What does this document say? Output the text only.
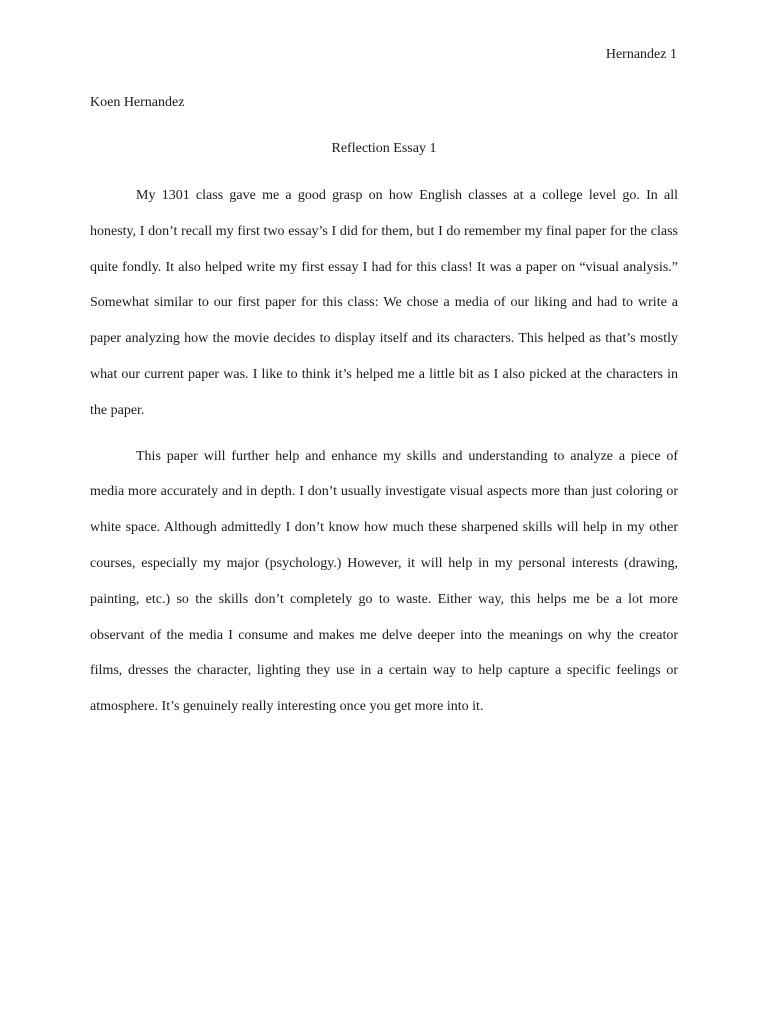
Hernandez 1
Koen Hernandez
Reflection Essay 1

My 1301 class gave me a good grasp on how English classes at a college level go. In all honesty, I don’t recall my first two essay’s I did for them, but I do remember my final paper for the class quite fondly. It also helped write my first essay I had for this class! It was a paper on “visual analysis.” Somewhat similar to our first paper for this class: We chose a media of our liking and had to write a paper analyzing how the movie decides to display itself and its characters. This helped as that’s mostly what our current paper was. I like to think it’s helped me a little bit as I also picked at the characters in the paper.

This paper will further help and enhance my skills and understanding to analyze a piece of media more accurately and in depth. I don’t usually investigate visual aspects more than just coloring or white space. Although admittedly I don’t know how much these sharpened skills will help in my other courses, especially my major (psychology.) However, it will help in my personal interests (drawing, painting, etc.) so the skills don’t completely go to waste. Either way, this helps me be a lot more observant of the media I consume and makes me delve deeper into the meanings on why the creator films, dresses the character, lighting they use in a certain way to help capture a specific feelings or atmosphere. It’s genuinely really interesting once you get more into it.
